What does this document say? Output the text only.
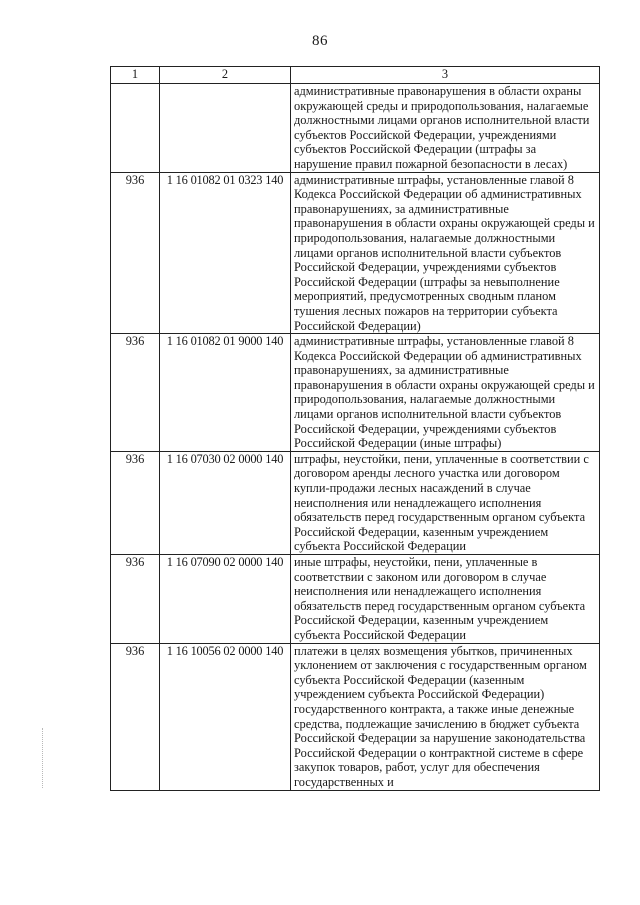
86
1	2	3
		административные правонарушения в области охраны окружающей среды и природопользования, налагаемые должностными лицами органов исполнительной власти субъектов Российской Федерации, учреждениями субъектов Российской Федерации (штрафы за нарушение правил пожарной безопасности в лесах)
936	1 16 01082 01 0323 140	административные штрафы, установленные главой 8 Кодекса Российской Федерации об административных правонарушениях, за административные правонарушения в области охраны окружающей среды и природопользования, налагаемые должностными лицами органов исполнительной власти субъектов Российской Федерации, учреждениями субъектов Российской Федерации (штрафы за невыполнение мероприятий, предусмотренных сводным планом тушения лесных пожаров на территории субъекта Российской Федерации)
936	1 16 01082 01 9000 140	административные штрафы, установленные главой 8 Кодекса Российской Федерации об административных правонарушениях, за административные правонарушения в области охраны окружающей среды и природопользования, налагаемые должностными лицами органов исполнительной власти субъектов Российской Федерации, учреждениями субъектов Российской Федерации (иные штрафы)
936	1 16 07030 02 0000 140	штрафы, неустойки, пени, уплаченные в соответствии с договором аренды лесного участка или договором купли-продажи лесных насаждений в случае неисполнения или ненадлежащего исполнения обязательств перед государственным органом субъекта Российской Федерации, казенным учреждением субъекта Российской Федерации
936	1 16 07090 02 0000 140	иные штрафы, неустойки, пени, уплаченные в соответствии с законом или договором в случае неисполнения или ненадлежащего исполнения обязательств перед государственным органом субъекта Российской Федерации, казенным учреждением субъекта Российской Федерации
936	1 16 10056 02 0000 140	платежи в целях возмещения убытков, причиненных уклонением от заключения с государственным органом субъекта Российской Федерации (казенным учреждением субъекта Российской Федерации) государственного контракта, а также иные денежные средства, подлежащие зачислению в бюджет субъекта Российской Федерации за нарушение законодательства Российской Федерации о контрактной системе в сфере закупок товаров, работ, услуг для обеспечения государственных и
